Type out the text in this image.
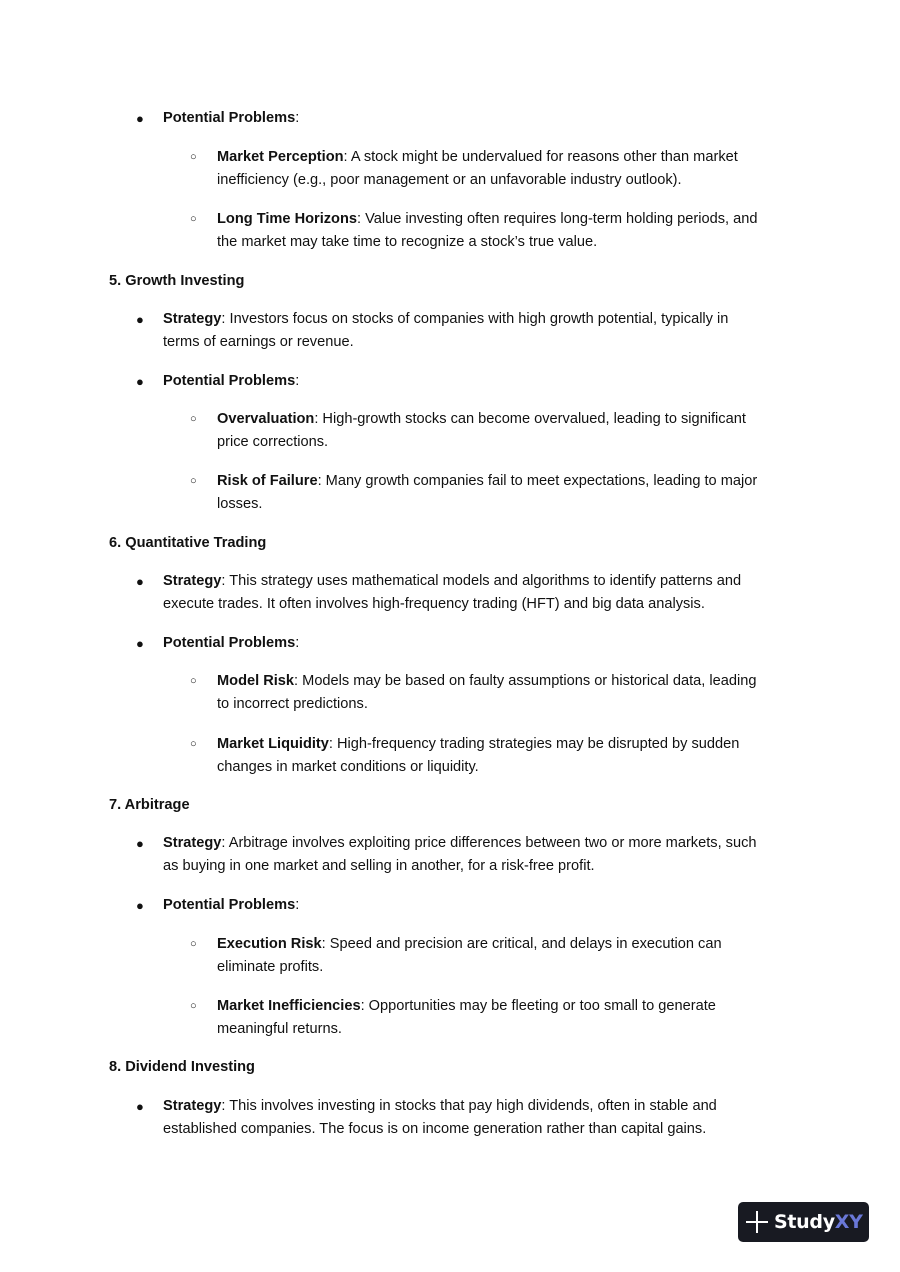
● Potential Problems:
○ Market Perception: A stock might be undervalued for reasons other than market
inefficiency (e.g., poor management or an unfavorable industry outlook).
○ Long Time Horizons: Value investing often requires long-term holding periods, and
the market may take time to recognize a stock’s true value.
5. Growth Investing
● Strategy: Investors focus on stocks of companies with high growth potential, typically in
terms of earnings or revenue.
● Potential Problems:
○ Overvaluation: High-growth stocks can become overvalued, leading to significant
price corrections.
○ Risk of Failure: Many growth companies fail to meet expectations, leading to major
losses.
6. Quantitative Trading
● Strategy: This strategy uses mathematical models and algorithms to identify patterns and
execute trades. It often involves high-frequency trading (HFT) and big data analysis.
● Potential Problems:
○ Model Risk: Models may be based on faulty assumptions or historical data, leading
to incorrect predictions.
○ Market Liquidity: High-frequency trading strategies may be disrupted by sudden
changes in market conditions or liquidity.
7. Arbitrage
● Strategy: Arbitrage involves exploiting price differences between two or more markets, such
as buying in one market and selling in another, for a risk-free profit.
● Potential Problems:
○ Execution Risk: Speed and precision are critical, and delays in execution can
eliminate profits.
○ Market Inefficiencies: Opportunities may be fleeting or too small to generate
meaningful returns.
8. Dividend Investing
● Strategy: This involves investing in stocks that pay high dividends, often in stable and
established companies. The focus is on income generation rather than capital gains.
StudyXY
